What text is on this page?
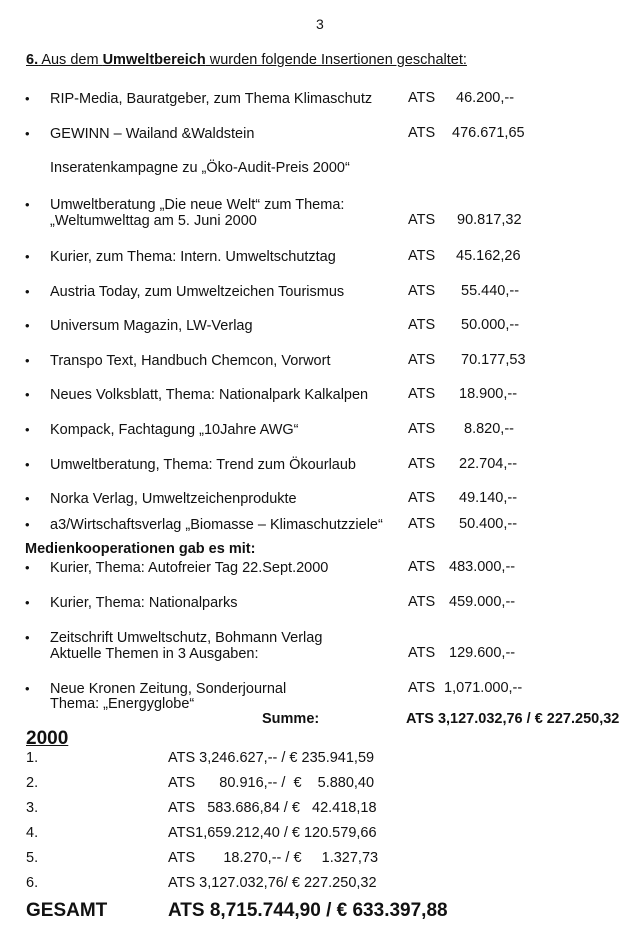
3
6. Aus dem Umweltbereich wurden folgende Insertionen geschaltet:
• RIP-Media, Bauratgeber, zum Thema Klimaschutz ATS 46.200,--
• GEWINN – Wailand &Waldstein	ATS 476.671,65
Inseratenkampagne zu „Öko-Audit-Preis 2000“
• Umweltberatung „Die neue Welt“ zum Thema:
„Weltumwelttag am 5. Juni 2000	ATS 90.817,32
• Kurier, zum Thema: Intern. Umweltschutztag	ATS 45.162,26
• Austria Today, zum Umweltzeichen Tourismus	ATS 55.440,--
• Universum Magazin, LW-Verlag	ATS 50.000,--
• Transpo Text, Handbuch Chemcon, Vorwort	ATS 70.177,53
• Neues Volksblatt, Thema: Nationalpark Kalkalpen	ATS 18.900,--
• Kompack, Fachtagung „10Jahre AWG“	ATS 8.820,--
• Umweltberatung, Thema: Trend zum Ökourlaub	ATS 22.704,--
• Norka Verlag, Umweltzeichenprodukte	ATS 49.140,--
• a3/Wirtschaftsverlag „Biomasse – Klimaschutzziele“ ATS 50.400,--
Medienkooperationen gab es mit:
• Kurier, Thema: Autofreier Tag 22.Sept.2000	ATS 483.000,--
• Kurier, Thema: Nationalparks	ATS 459.000,--
• Zeitschrift Umweltschutz, Bohmann Verlag
Aktuelle Themen in 3 Ausgaben:	ATS 129.600,--
• Neue Kronen Zeitung, Sonderjournal
Thema: „Energyglobe“
ATS 1,071.000,--
Summe:	ATS 3,127.032,76 / € 227.250,32
2000
1.	ATS 3,246.627,-- / € 235.941,59
2.	ATS      80.916,-- /  €    5.880,40
3.	ATS   583.686,84 / €   42.418,18
4.	ATS1,659.212,40 / € 120.579,66
5.	ATS       18.270,-- / €     1.327,73
6.	ATS 3,127.032,76/ € 227.250,32
GESAMT	ATS 8,715.744,90 / € 633.397,88
